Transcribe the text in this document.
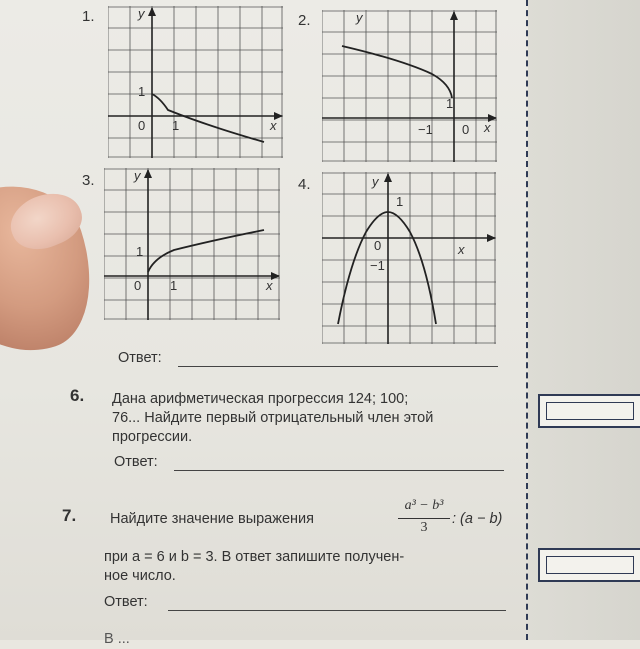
1.	y
x
0 1
1
2.	y
x
0
−1
1
3.	y
x
0 1
1
4.	y
x
0
1
−1
Ответ:
6. Дана арифметическая прогрессия 124; 100;
76... Найдите первый отрицательный член этой
прогрессии.
Ответ:
7. Найдите значение выражения
a³ − b³
3
: (a − b)
при a = 6 и b = 3. В ответ запишите получен-
ное число.
Ответ:
В ...
